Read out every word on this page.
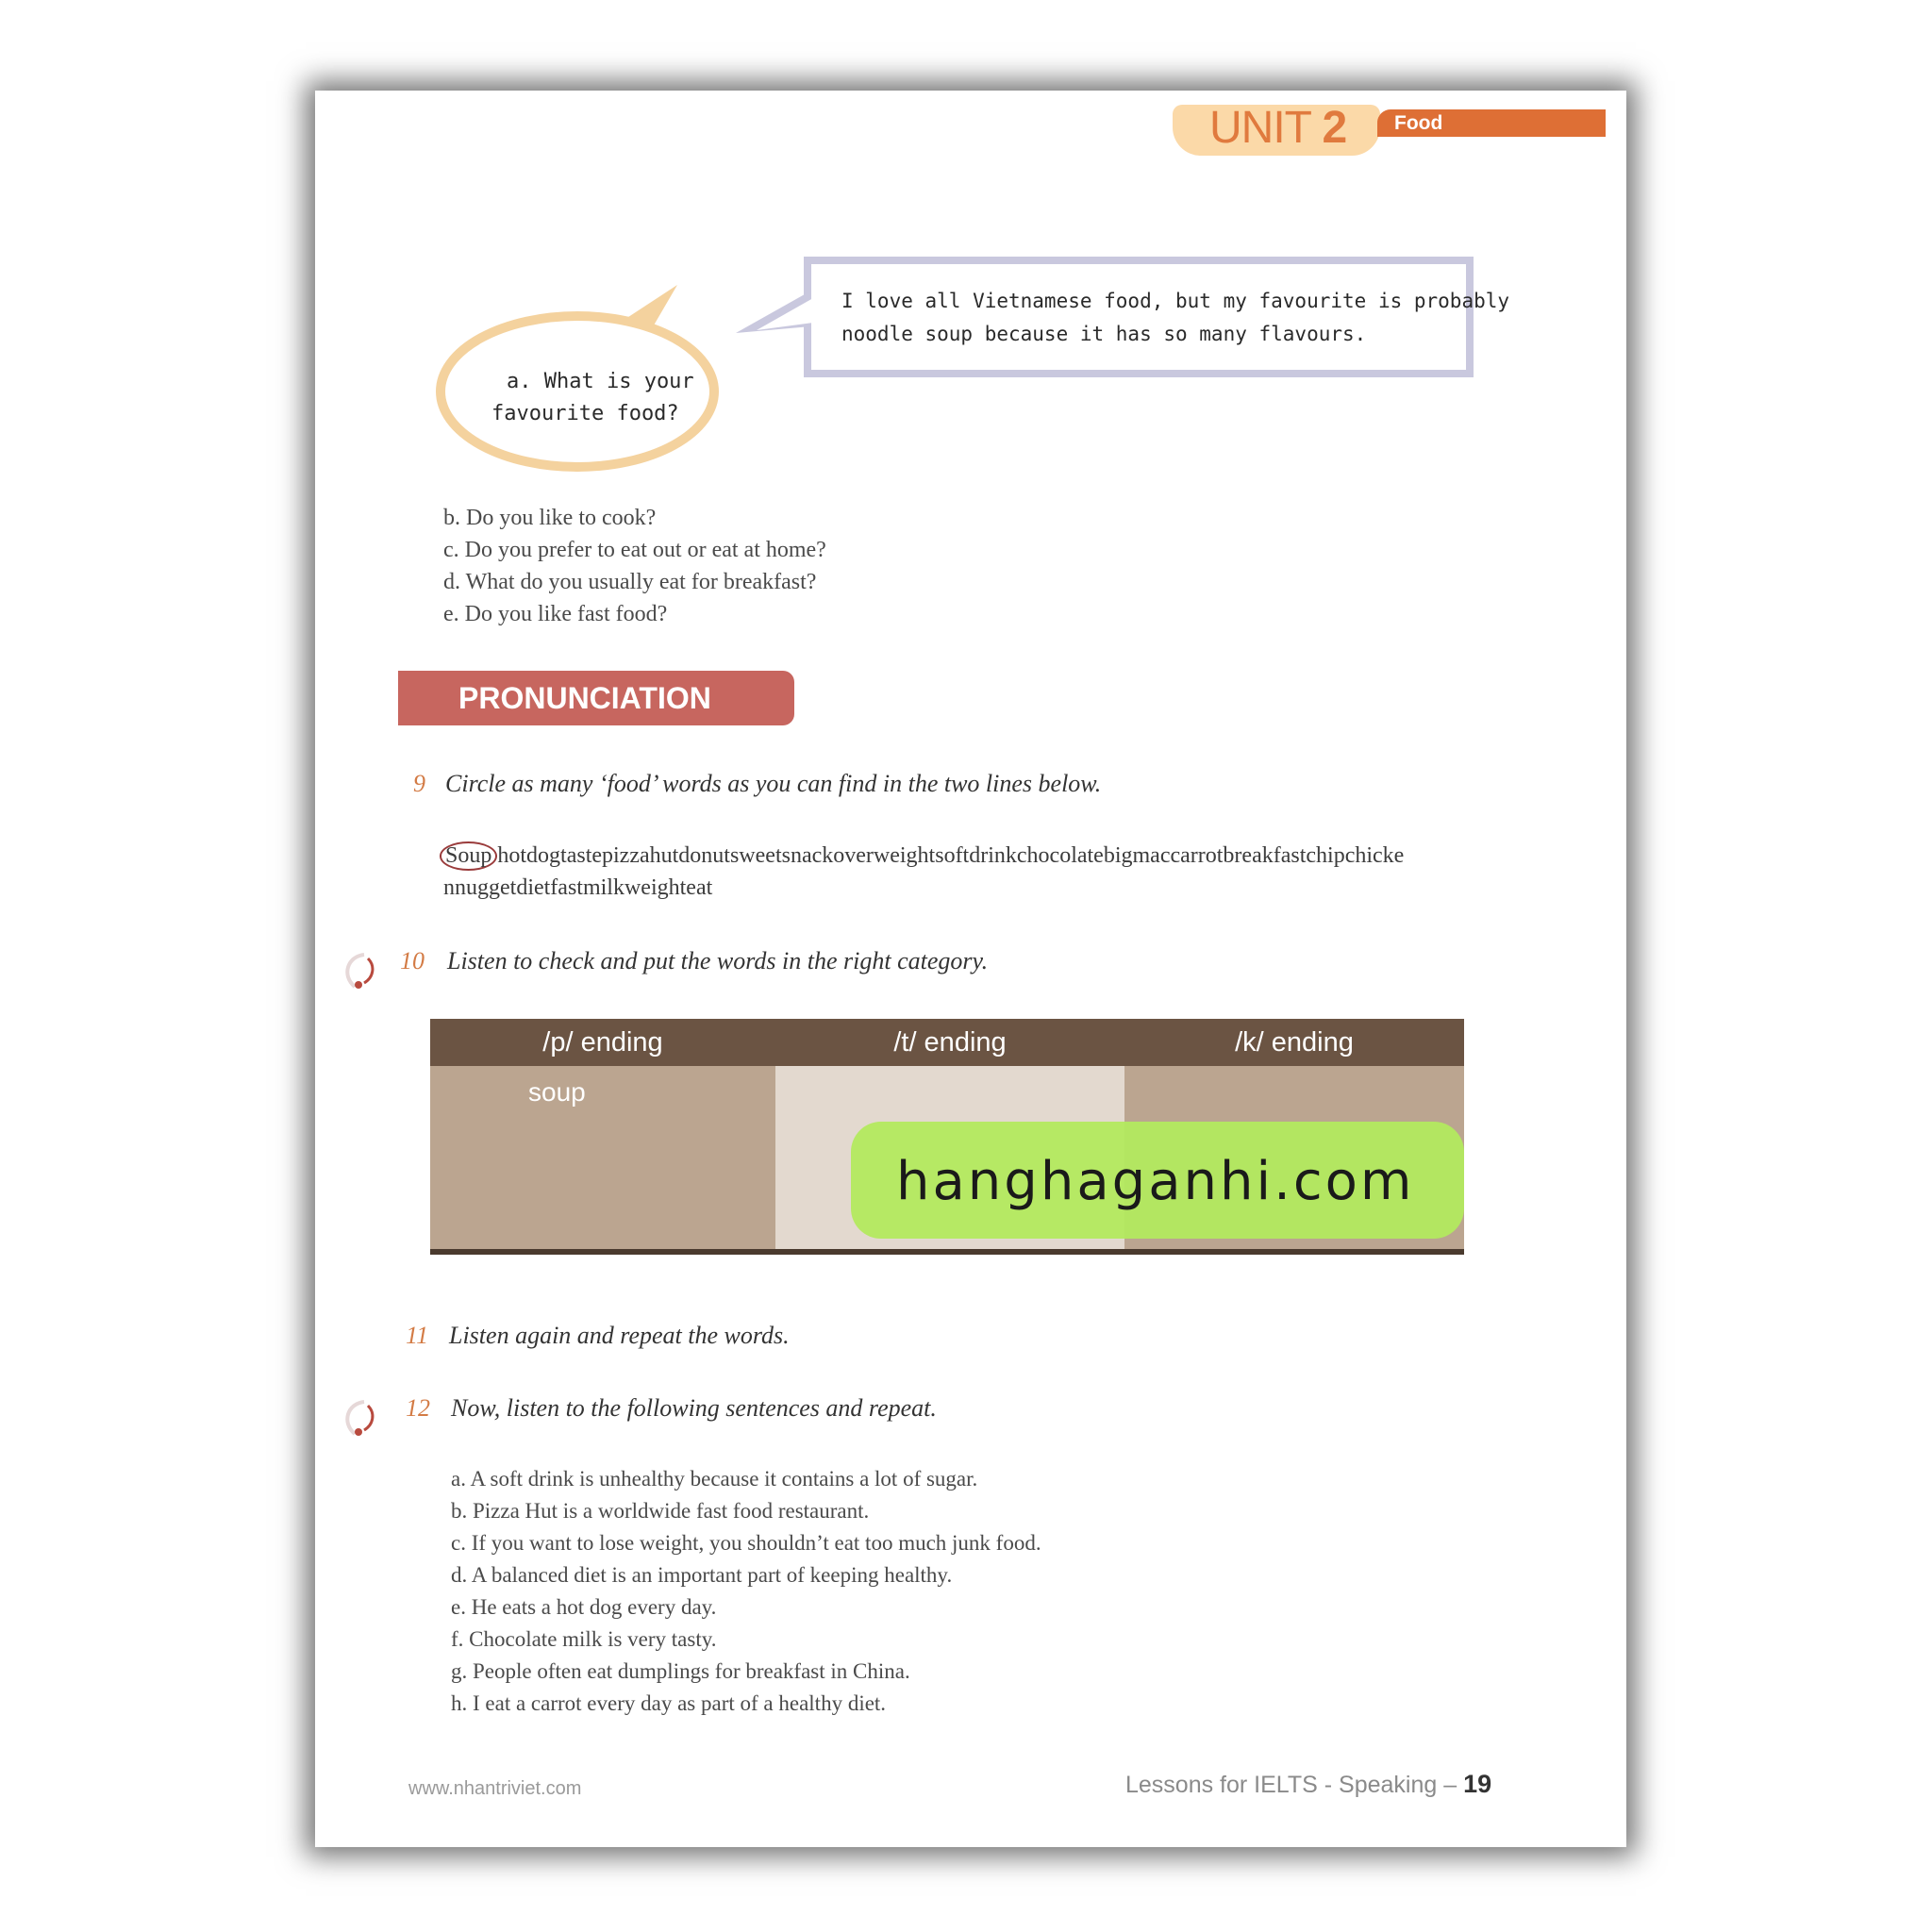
UNIT 2 Food
a. What is your
favourite food?
I love all Vietnamese food, but my favourite is probably
noodle soup because it has so many flavours.
b. Do you like to cook?
c. Do you prefer to eat out or eat at home?
d. What do you usually eat for breakfast?
e. Do you like fast food?
PRONUNCIATION
9 Circle as many ‘food’ words as you can find in the two lines below.
Soup hotdogtastepizzahutdonutsweetsnackoverweightsoftdrinkchocolatebigmaccarrotbreakfastchipchicke
nnuggetdietfastmilkweighteat
10 Listen to check and put the words in the right category.
/p/ ending	/t/ ending	/k/ ending
soup
hanghaganhi.com
11 Listen again and repeat the words.
12 Now, listen to the following sentences and repeat.
a. A soft drink is unhealthy because it contains a lot of sugar.
b. Pizza Hut is a worldwide fast food restaurant.
c. If you want to lose weight, you shouldn’t eat too much junk food.
d. A balanced diet is an important part of keeping healthy.
e. He eats a hot dog every day.
f. Chocolate milk is very tasty.
g. People often eat dumplings for breakfast in China.
h. I eat a carrot every day as part of a healthy diet.
www.nhantriviet.com	Lessons for IELTS - Speaking – 19
